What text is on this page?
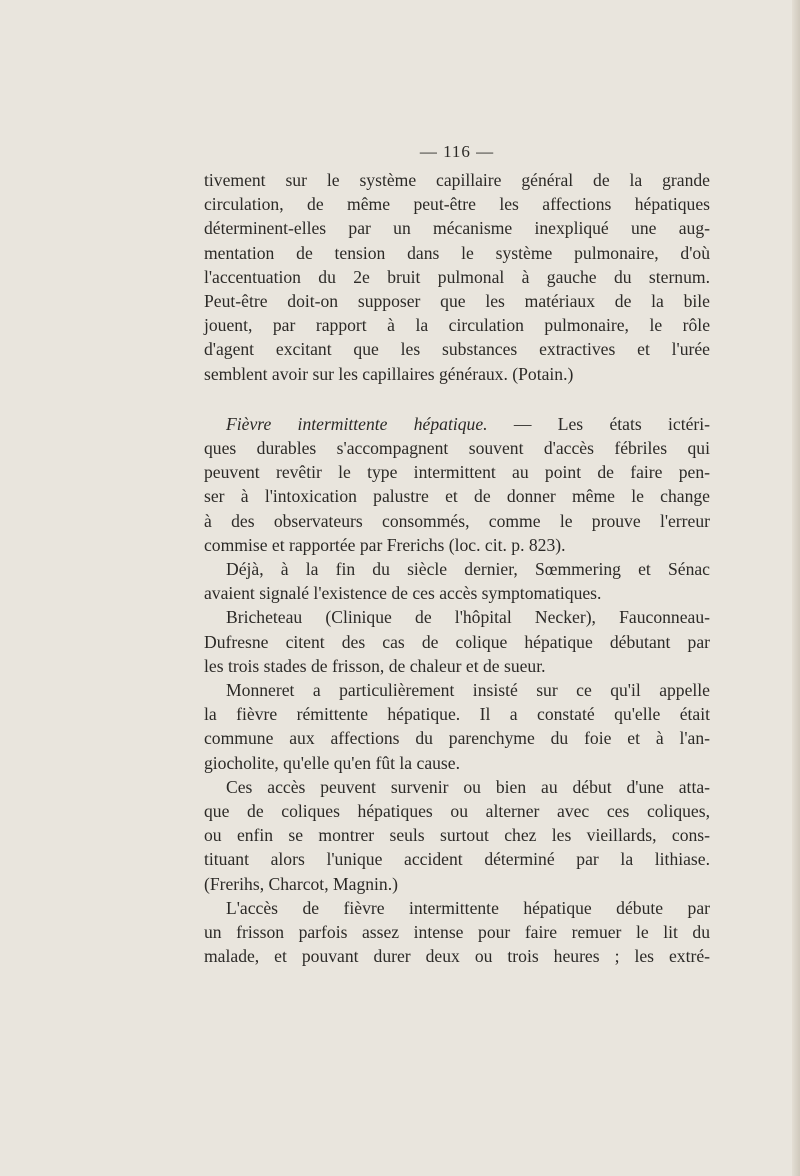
— 116 —
tivement sur le système capillaire général de la grande
circulation, de même peut-être les affections hépatiques
déterminent-elles par un mécanisme inexpliqué une aug-
mentation de tension dans le système pulmonaire, d'où
l'accentuation du 2e bruit pulmonal à gauche du sternum.
Peut-être doit-on supposer que les matériaux de la bile
jouent, par rapport à la circulation pulmonaire, le rôle
d'agent excitant que les substances extractives et l'urée
semblent avoir sur les capillaires généraux. (Potain.)
Fièvre intermittente hépatique. — Les états ictéri-
ques durables s'accompagnent souvent d'accès fébriles qui
peuvent revêtir le type intermittent au point de faire pen-
ser à l'intoxication palustre et de donner même le change
à des observateurs consommés, comme le prouve l'erreur
commise et rapportée par Frerichs (loc. cit. p. 823).
Déjà, à la fin du siècle dernier, Sœmmering et Sénac
avaient signalé l'existence de ces accès symptomatiques.
Bricheteau (Clinique de l'hôpital Necker), Fauconneau-
Dufresne citent des cas de colique hépatique débutant par
les trois stades de frisson, de chaleur et de sueur.
Monneret a particulièrement insisté sur ce qu'il appelle
la fièvre rémittente hépatique. Il a constaté qu'elle était
commune aux affections du parenchyme du foie et à l'an-
giocholite, qu'elle qu'en fût la cause.
Ces accès peuvent survenir ou bien au début d'une atta-
que de coliques hépatiques ou alterner avec ces coliques,
ou enfin se montrer seuls surtout chez les vieillards, cons-
tituant alors l'unique accident déterminé par la lithiase.
(Frerihs, Charcot, Magnin.)
L'accès de fièvre intermittente hépatique débute par
un frisson parfois assez intense pour faire remuer le lit du
malade, et pouvant durer deux ou trois heures ; les extré-
